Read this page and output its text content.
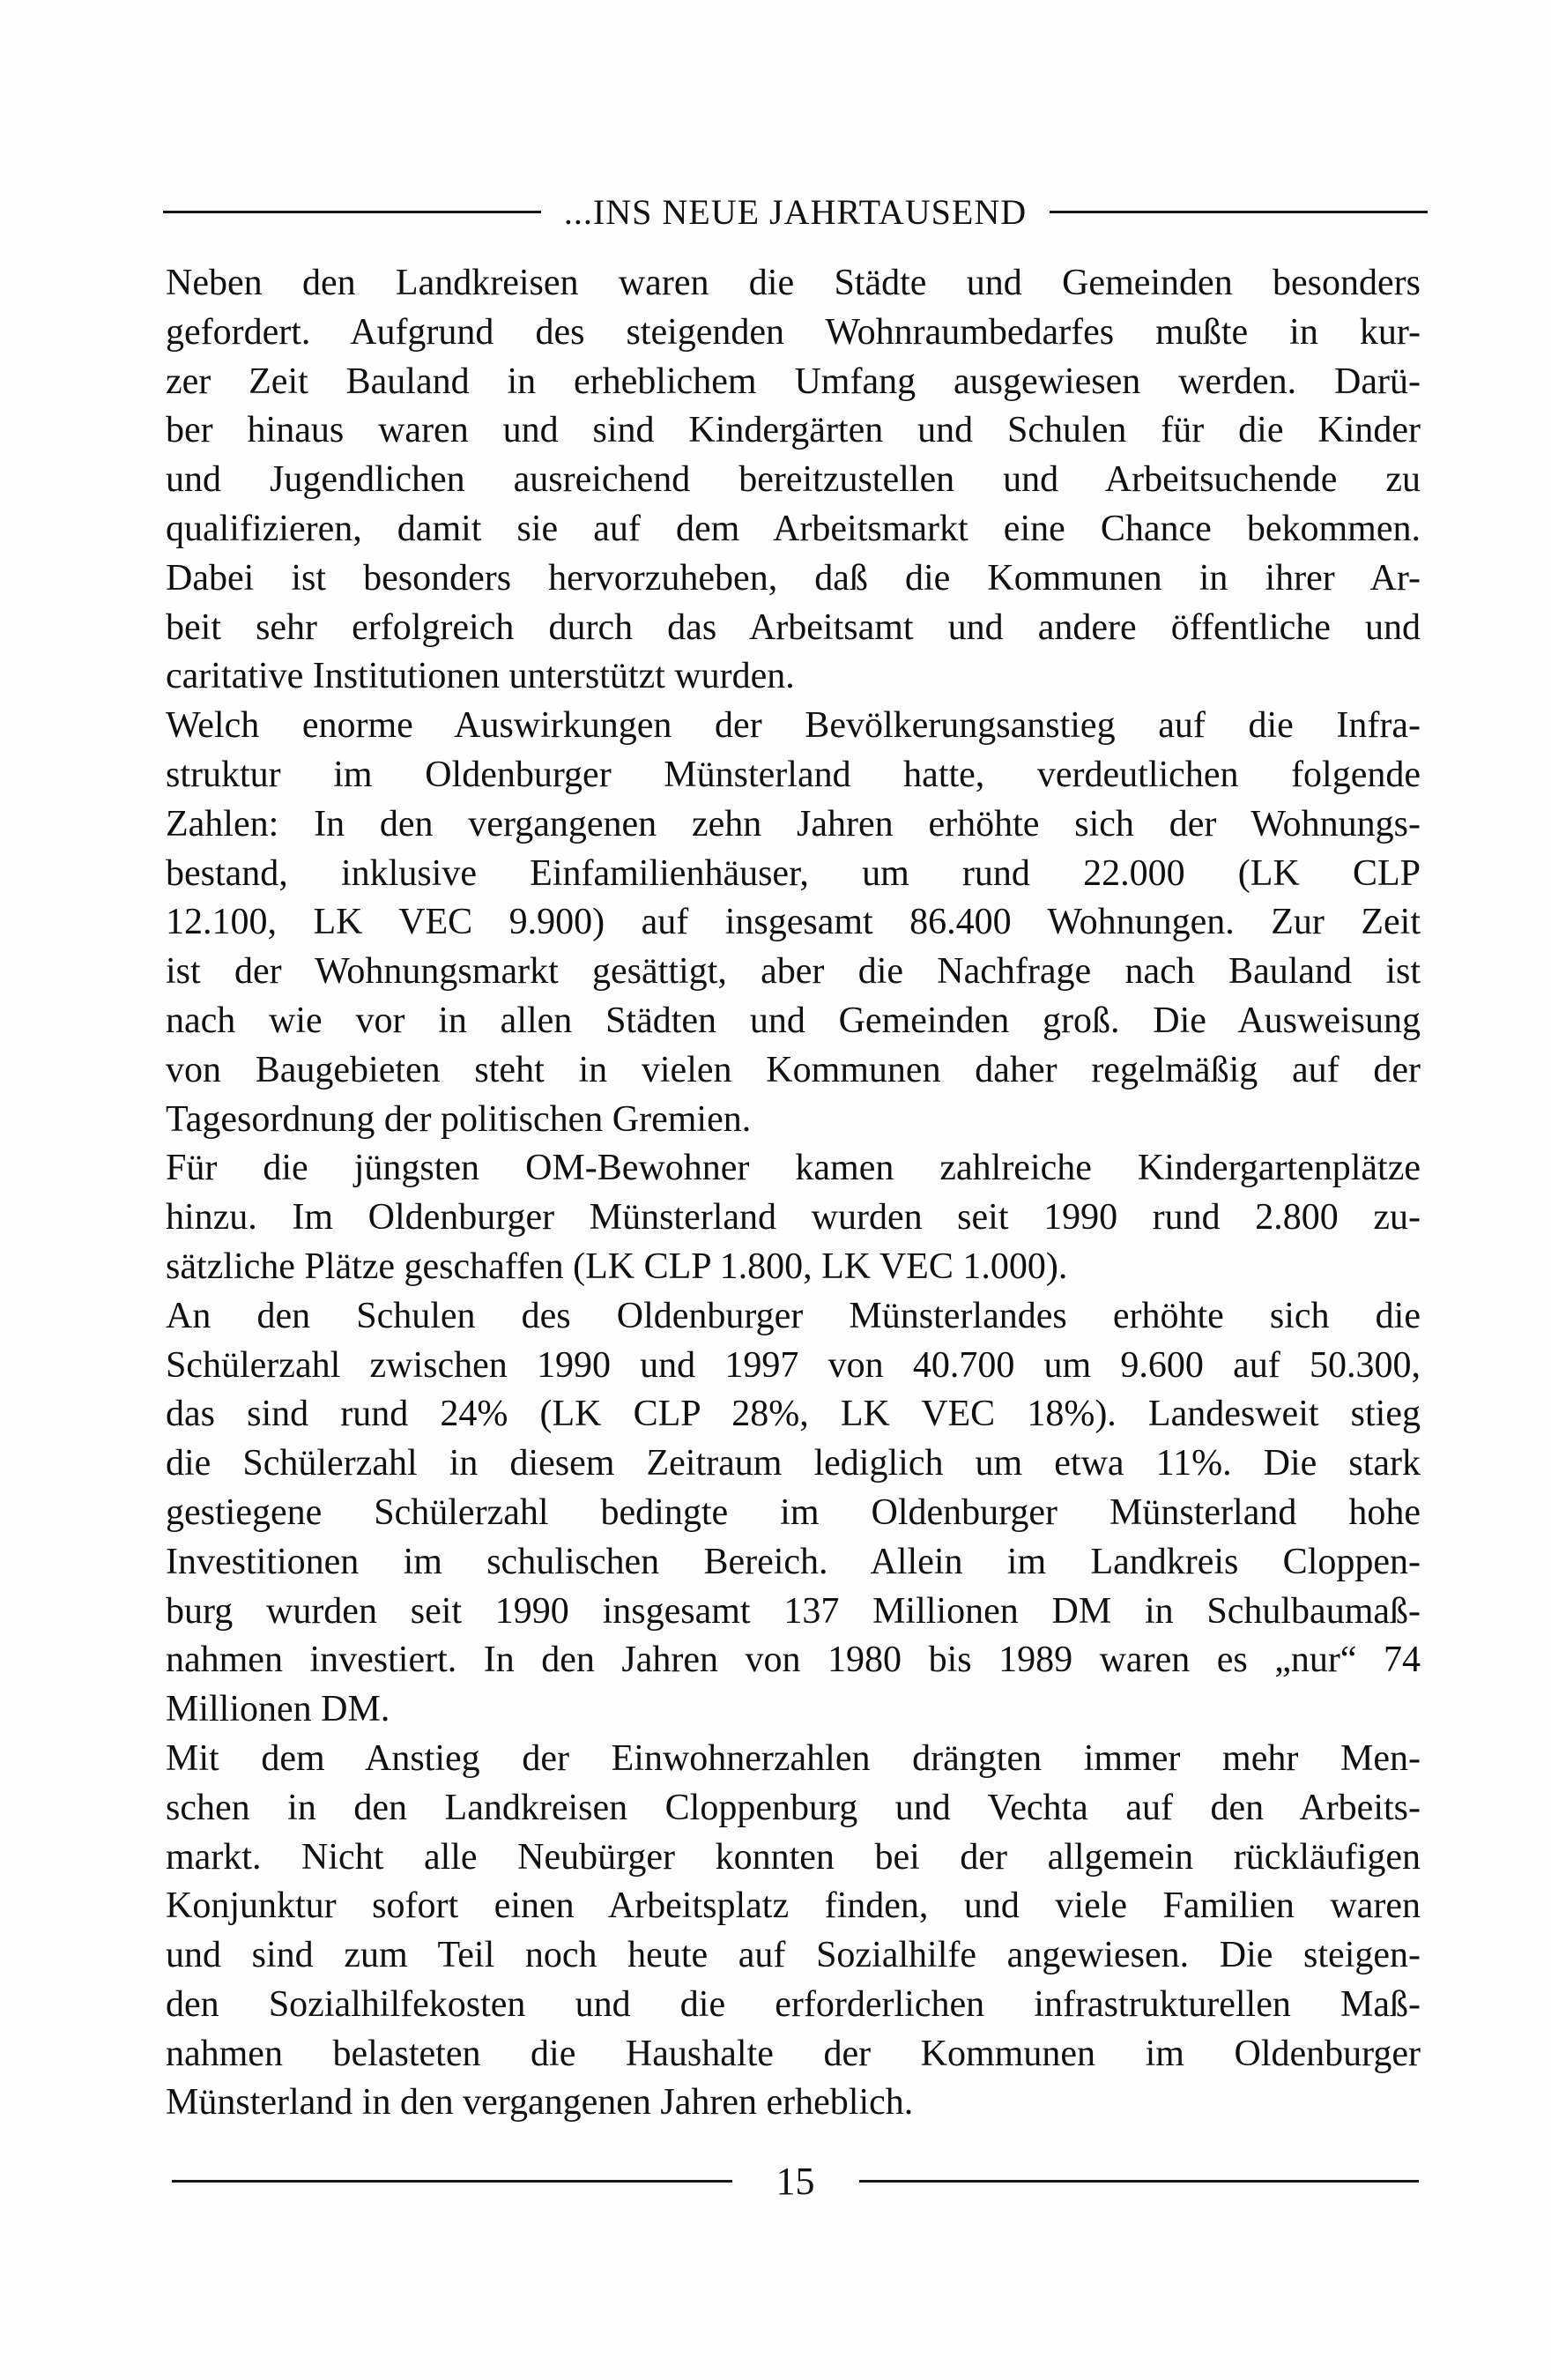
...INS NEUE JAHRTAUSEND
Neben den Landkreisen waren die Städte und Gemeinden besonders
gefordert. Aufgrund des steigenden Wohnraumbedarfes mußte in kur-
zer Zeit Bauland in erheblichem Umfang ausgewiesen werden. Darü-
ber hinaus waren und sind Kindergärten und Schulen für die Kinder
und Jugendlichen ausreichend bereitzustellen und Arbeitsuchende zu
qualifizieren, damit sie auf dem Arbeitsmarkt eine Chance bekommen.
Dabei ist besonders hervorzuheben, daß die Kommunen in ihrer Ar-
beit sehr erfolgreich durch das Arbeitsamt und andere öffentliche und
caritative Institutionen unterstützt wurden.
Welch enorme Auswirkungen der Bevölkerungsanstieg auf die Infra-
struktur im Oldenburger Münsterland hatte, verdeutlichen folgende
Zahlen: In den vergangenen zehn Jahren erhöhte sich der Wohnungs-
bestand, inklusive Einfamilienhäuser, um rund 22.000 (LK CLP
12.100, LK VEC 9.900) auf insgesamt 86.400 Wohnungen. Zur Zeit
ist der Wohnungsmarkt gesättigt, aber die Nachfrage nach Bauland ist
nach wie vor in allen Städten und Gemeinden groß. Die Ausweisung
von Baugebieten steht in vielen Kommunen daher regelmäßig auf der
Tagesordnung der politischen Gremien.
Für die jüngsten OM-Bewohner kamen zahlreiche Kindergartenplätze
hinzu. Im Oldenburger Münsterland wurden seit 1990 rund 2.800 zu-
sätzliche Plätze geschaffen (LK CLP 1.800, LK VEC 1.000).
An den Schulen des Oldenburger Münsterlandes erhöhte sich die
Schülerzahl zwischen 1990 und 1997 von 40.700 um 9.600 auf 50.300,
das sind rund 24% (LK CLP 28%, LK VEC 18%). Landesweit stieg
die Schülerzahl in diesem Zeitraum lediglich um etwa 11%. Die stark
gestiegene Schülerzahl bedingte im Oldenburger Münsterland hohe
Investitionen im schulischen Bereich. Allein im Landkreis Cloppen-
burg wurden seit 1990 insgesamt 137 Millionen DM in Schulbaumaß-
nahmen investiert. In den Jahren von 1980 bis 1989 waren es „nur“ 74
Millionen DM.
Mit dem Anstieg der Einwohnerzahlen drängten immer mehr Men-
schen in den Landkreisen Cloppenburg und Vechta auf den Arbeits-
markt. Nicht alle Neubürger konnten bei der allgemein rückläufigen
Konjunktur sofort einen Arbeitsplatz finden, und viele Familien waren
und sind zum Teil noch heute auf Sozialhilfe angewiesen. Die steigen-
den Sozialhilfekosten und die erforderlichen infrastrukturellen Maß-
nahmen belasteten die Haushalte der Kommunen im Oldenburger
Münsterland in den vergangenen Jahren erheblich.
15
